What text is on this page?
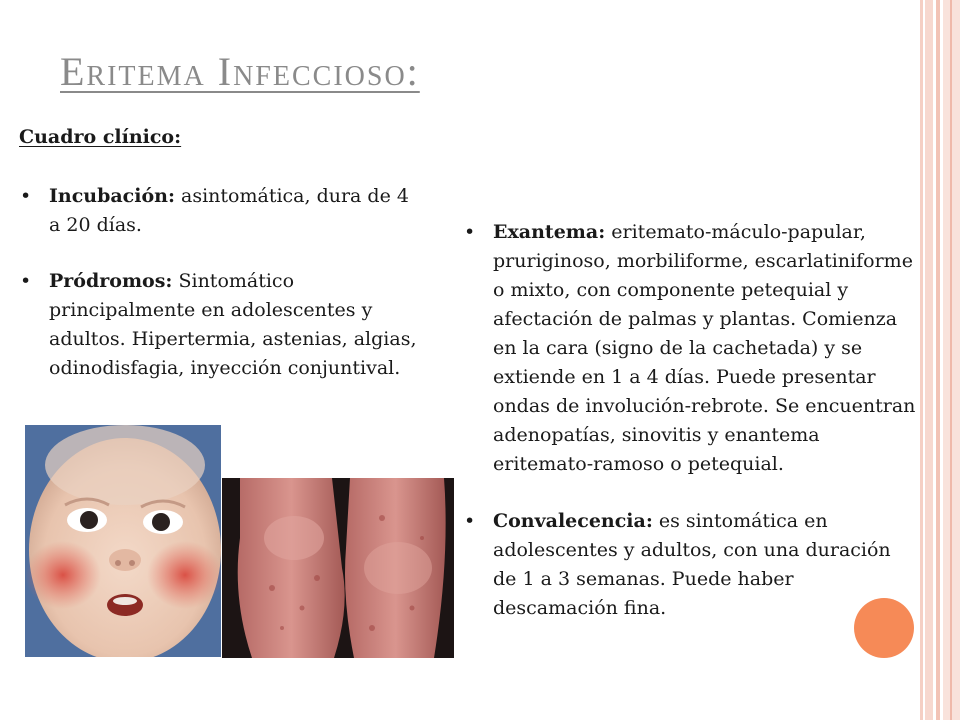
Eritema Infeccioso:
Cuadro clínico:
• Incubación: asintomática, dura de 4 a 20 días.
• Pródromos: Sintomático principalmente en adolescentes y adultos. Hipertermia, astenias, algias, odinodisfagia, inyección conjuntival.
• Exantema: eritemato-máculo-papular, pruriginoso, morbiliforme, escarlatiniforme o mixto, con componente petequial y afectación de palmas y plantas. Comienza en la cara (signo de la cachetada) y se extiende en 1 a 4 días. Puede presentar ondas de involución-rebrote. Se encuentran adenopatías, sinovitis y enantema eritemato-ramoso o petequial.
• Convalecencia: es sintomática en adolescentes y adultos, con una duración de 1 a 3 semanas. Puede haber descamación fina.
